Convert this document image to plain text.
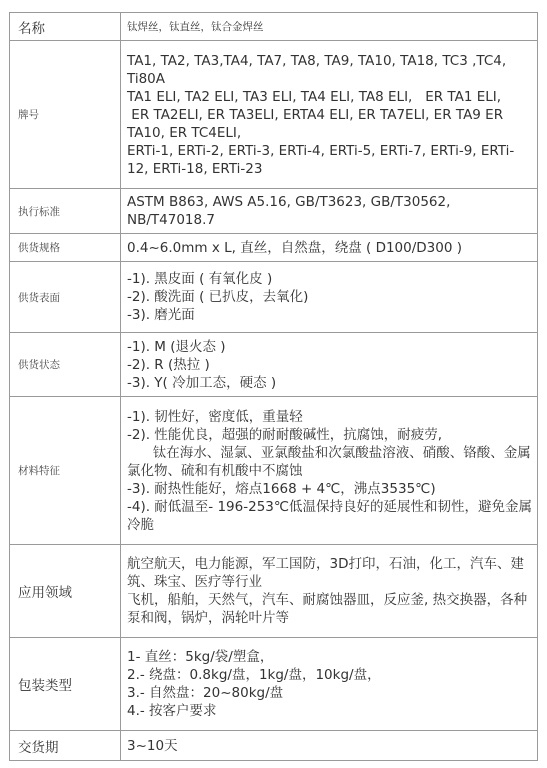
名称	钛焊丝，钛直丝，钛合金焊丝

牌号	TA1, TA2, TA3,TA4, TA7, TA8, TA9, TA10, TA18, TC3 ,TC4, Ti80A
TA1 ELI, TA2 ELI, TA3 ELI, TA4 ELI, TA8 ELI,   ER TA1 ELI,
ER TA2ELI, ER TA3ELI, ERTA4 ELI, ER TA7ELI, ER TA9 ER TA10, ER TC4ELI,
ERTi-1, ERTi-2, ERTi-3, ERTi-4, ERTi-5, ERTi-7, ERTi-9, ERTi-12, ERTi-18, ERTi-23

执行标准	ASTM B863, AWS A5.16, GB/T3623, GB/T30562, NB/T47018.7

供货规格	0.4~6.0mm x L, 直丝，自然盘，绕盘 ( D100/D300 )

供货表面	-1). 黑皮面 ( 有氧化皮 )
-2). 酸洗面 ( 已扒皮，去氧化)
-3). 磨光面

供货状态	-1). M (退火态 )
-2). R (热拉 )
-3). Y( 冷加工态，硬态 )

材料特征	-1). 韧性好，密度低，重量轻
-2). 性能优良，超强的耐耐酸碱性，抗腐蚀，耐疲劳,
钛在海水、湿氯、亚氯酸盐和次氯酸盐溶液、硝酸、铬酸、金属氯化物、硫和有机酸中不腐蚀
-3). 耐热性能好，熔点1668 + 4℃，沸点3535℃)
-4). 耐低温至- 196-253℃低温保持良好的延展性和韧性，避免金属冷脆

应用领域	航空航天，电力能源，军工国防，3D打印，石油，化工，汽车、建筑、珠宝、医疗等行业
飞机，船舶，天然气，汽车、耐腐蚀器皿，反应釜, 热交换器，各种泵和阀，锅炉，涡轮叶片等

包装类型	1- 直丝：5kg/袋/塑盒，
2.- 绕盘：0.8kg/盘，1kg/盘，10kg/盘，
3.- 自然盘：20~80kg/盘
4.- 按客户要求

交货期	3~10天
